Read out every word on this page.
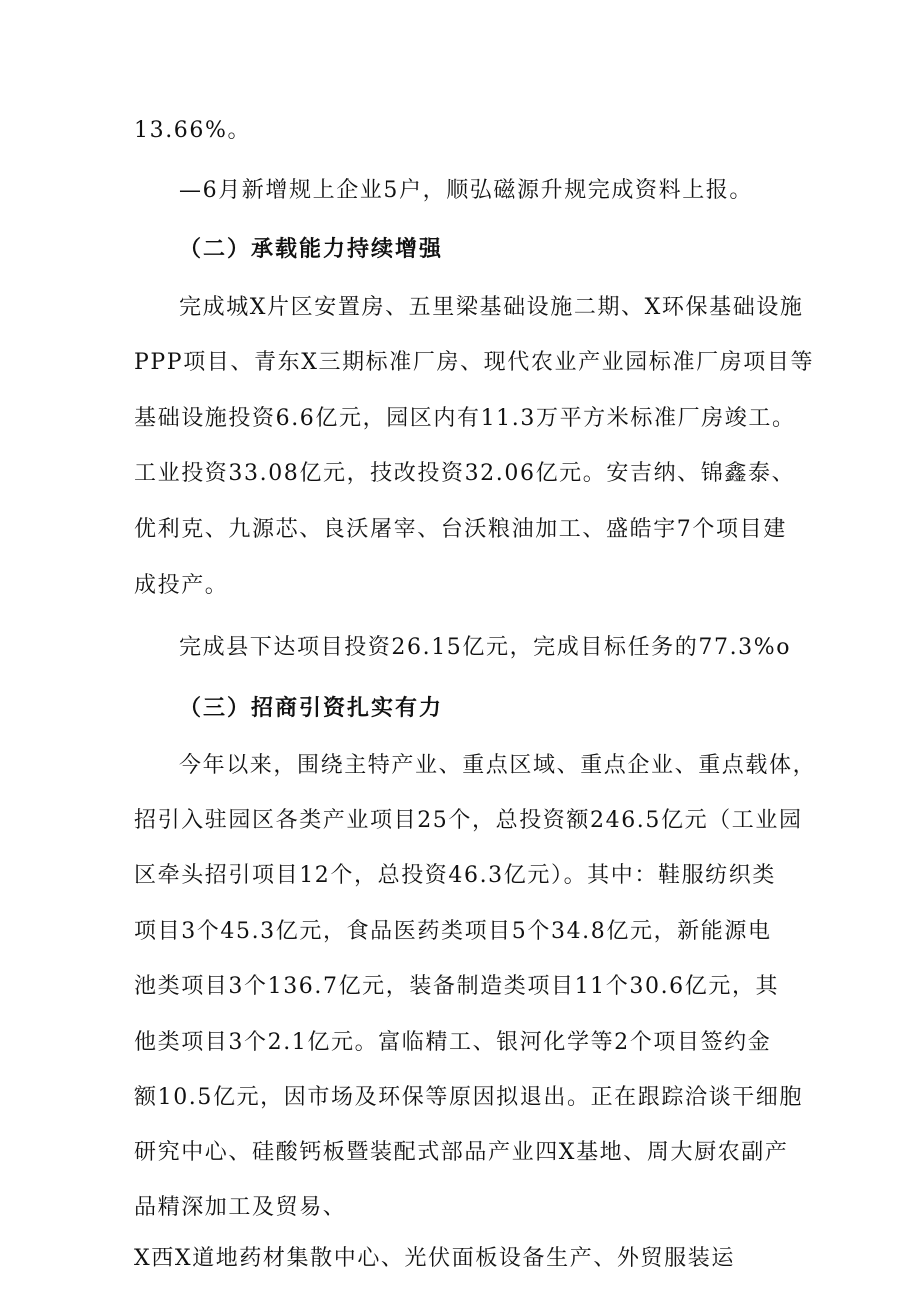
13.66%。
—6月新增规上企业5户，顺弘磁源升规完成资料上报。
（二）承载能力持续增强
完成城X片区安置房、五里梁基础设施二期、X环保基础设施
PPP项目、青东X三期标准厂房、现代农业产业园标准厂房项目等
基础设施投资6.6亿元，园区内有11.3万平方米标准厂房竣工。
工业投资33.08亿元，技改投资32.06亿元。安吉纳、锦鑫泰、
优利克、九源芯、良沃屠宰、台沃粮油加工、盛皓宇7个项目建
成投产。
完成县下达项目投资26.15亿元，完成目标任务的77.3%o
（三）招商引资扎实有力
今年以来，围绕主特产业、重点区域、重点企业、重点载体，
招引入驻园区各类产业项目25个，总投资额246.5亿元（工业园
区牵头招引项目12个，总投资46.3亿元）。其中：鞋服纺织类
项目3个45.3亿元，食品医药类项目5个34.8亿元，新能源电
池类项目3个136.7亿元，装备制造类项目11个30.6亿元，其
他类项目3个2.1亿元。富临精工、银河化学等2个项目签约金
额10.5亿元，因市场及环保等原因拟退出。正在跟踪洽谈干细胞
研究中心、硅酸钙板暨装配式部品产业四X基地、周大厨农副产
品精深加工及贸易、
X西X道地药材集散中心、光伏面板设备生产、外贸服装运
